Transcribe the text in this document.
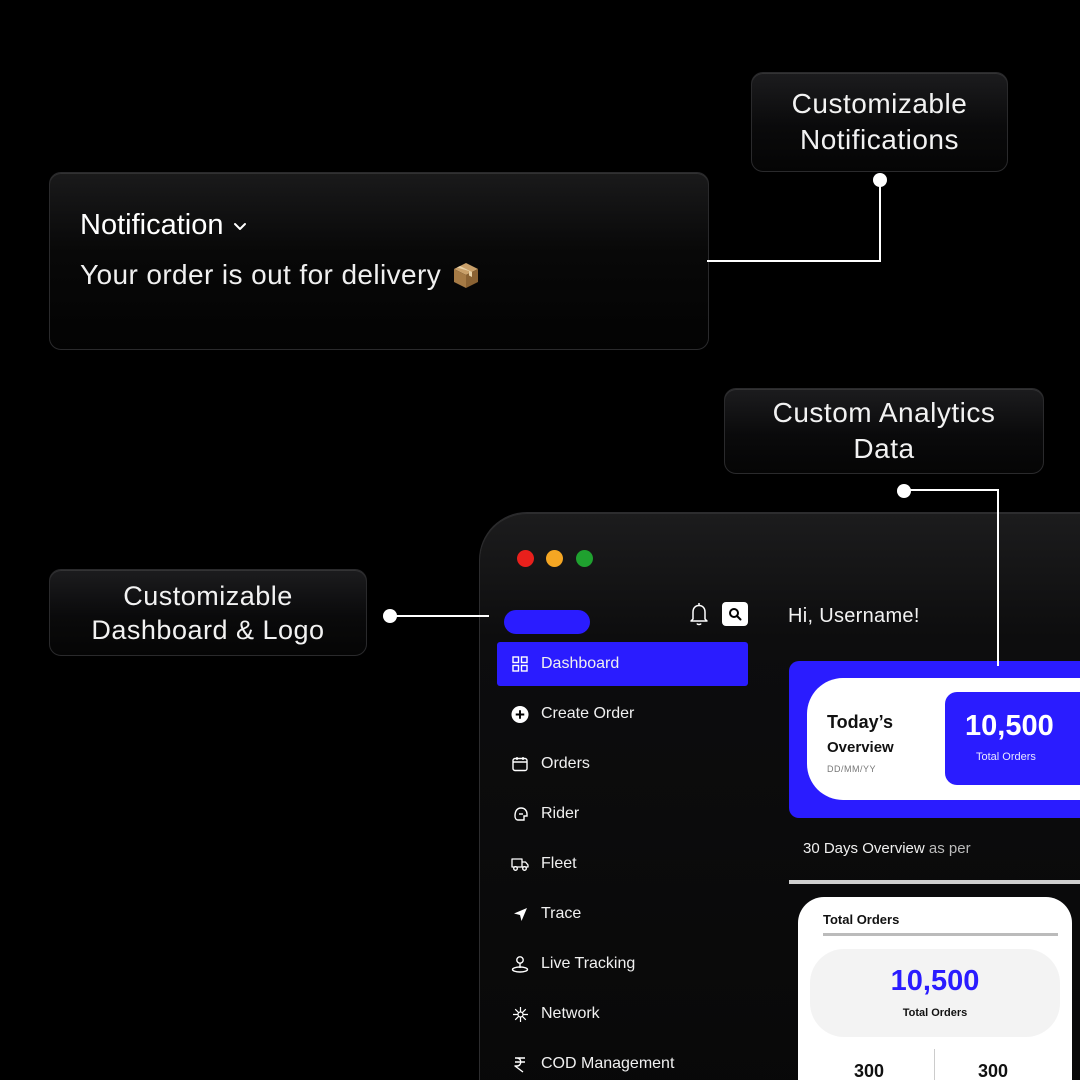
Customizable
Notifications
Notification
Your order is out for delivery
Custom Analytics
Data
Customizable
Dashboard & Logo
Dashboard
Create Order
Orders
Rider
Fleet
Trace
Live Tracking
Network
COD Management
Hi, Username!
Today’s
Overview
DD/MM/YY
10,500
Total Orders
30 Days Overview as per
Total Orders
10,500
Total Orders
300	300
